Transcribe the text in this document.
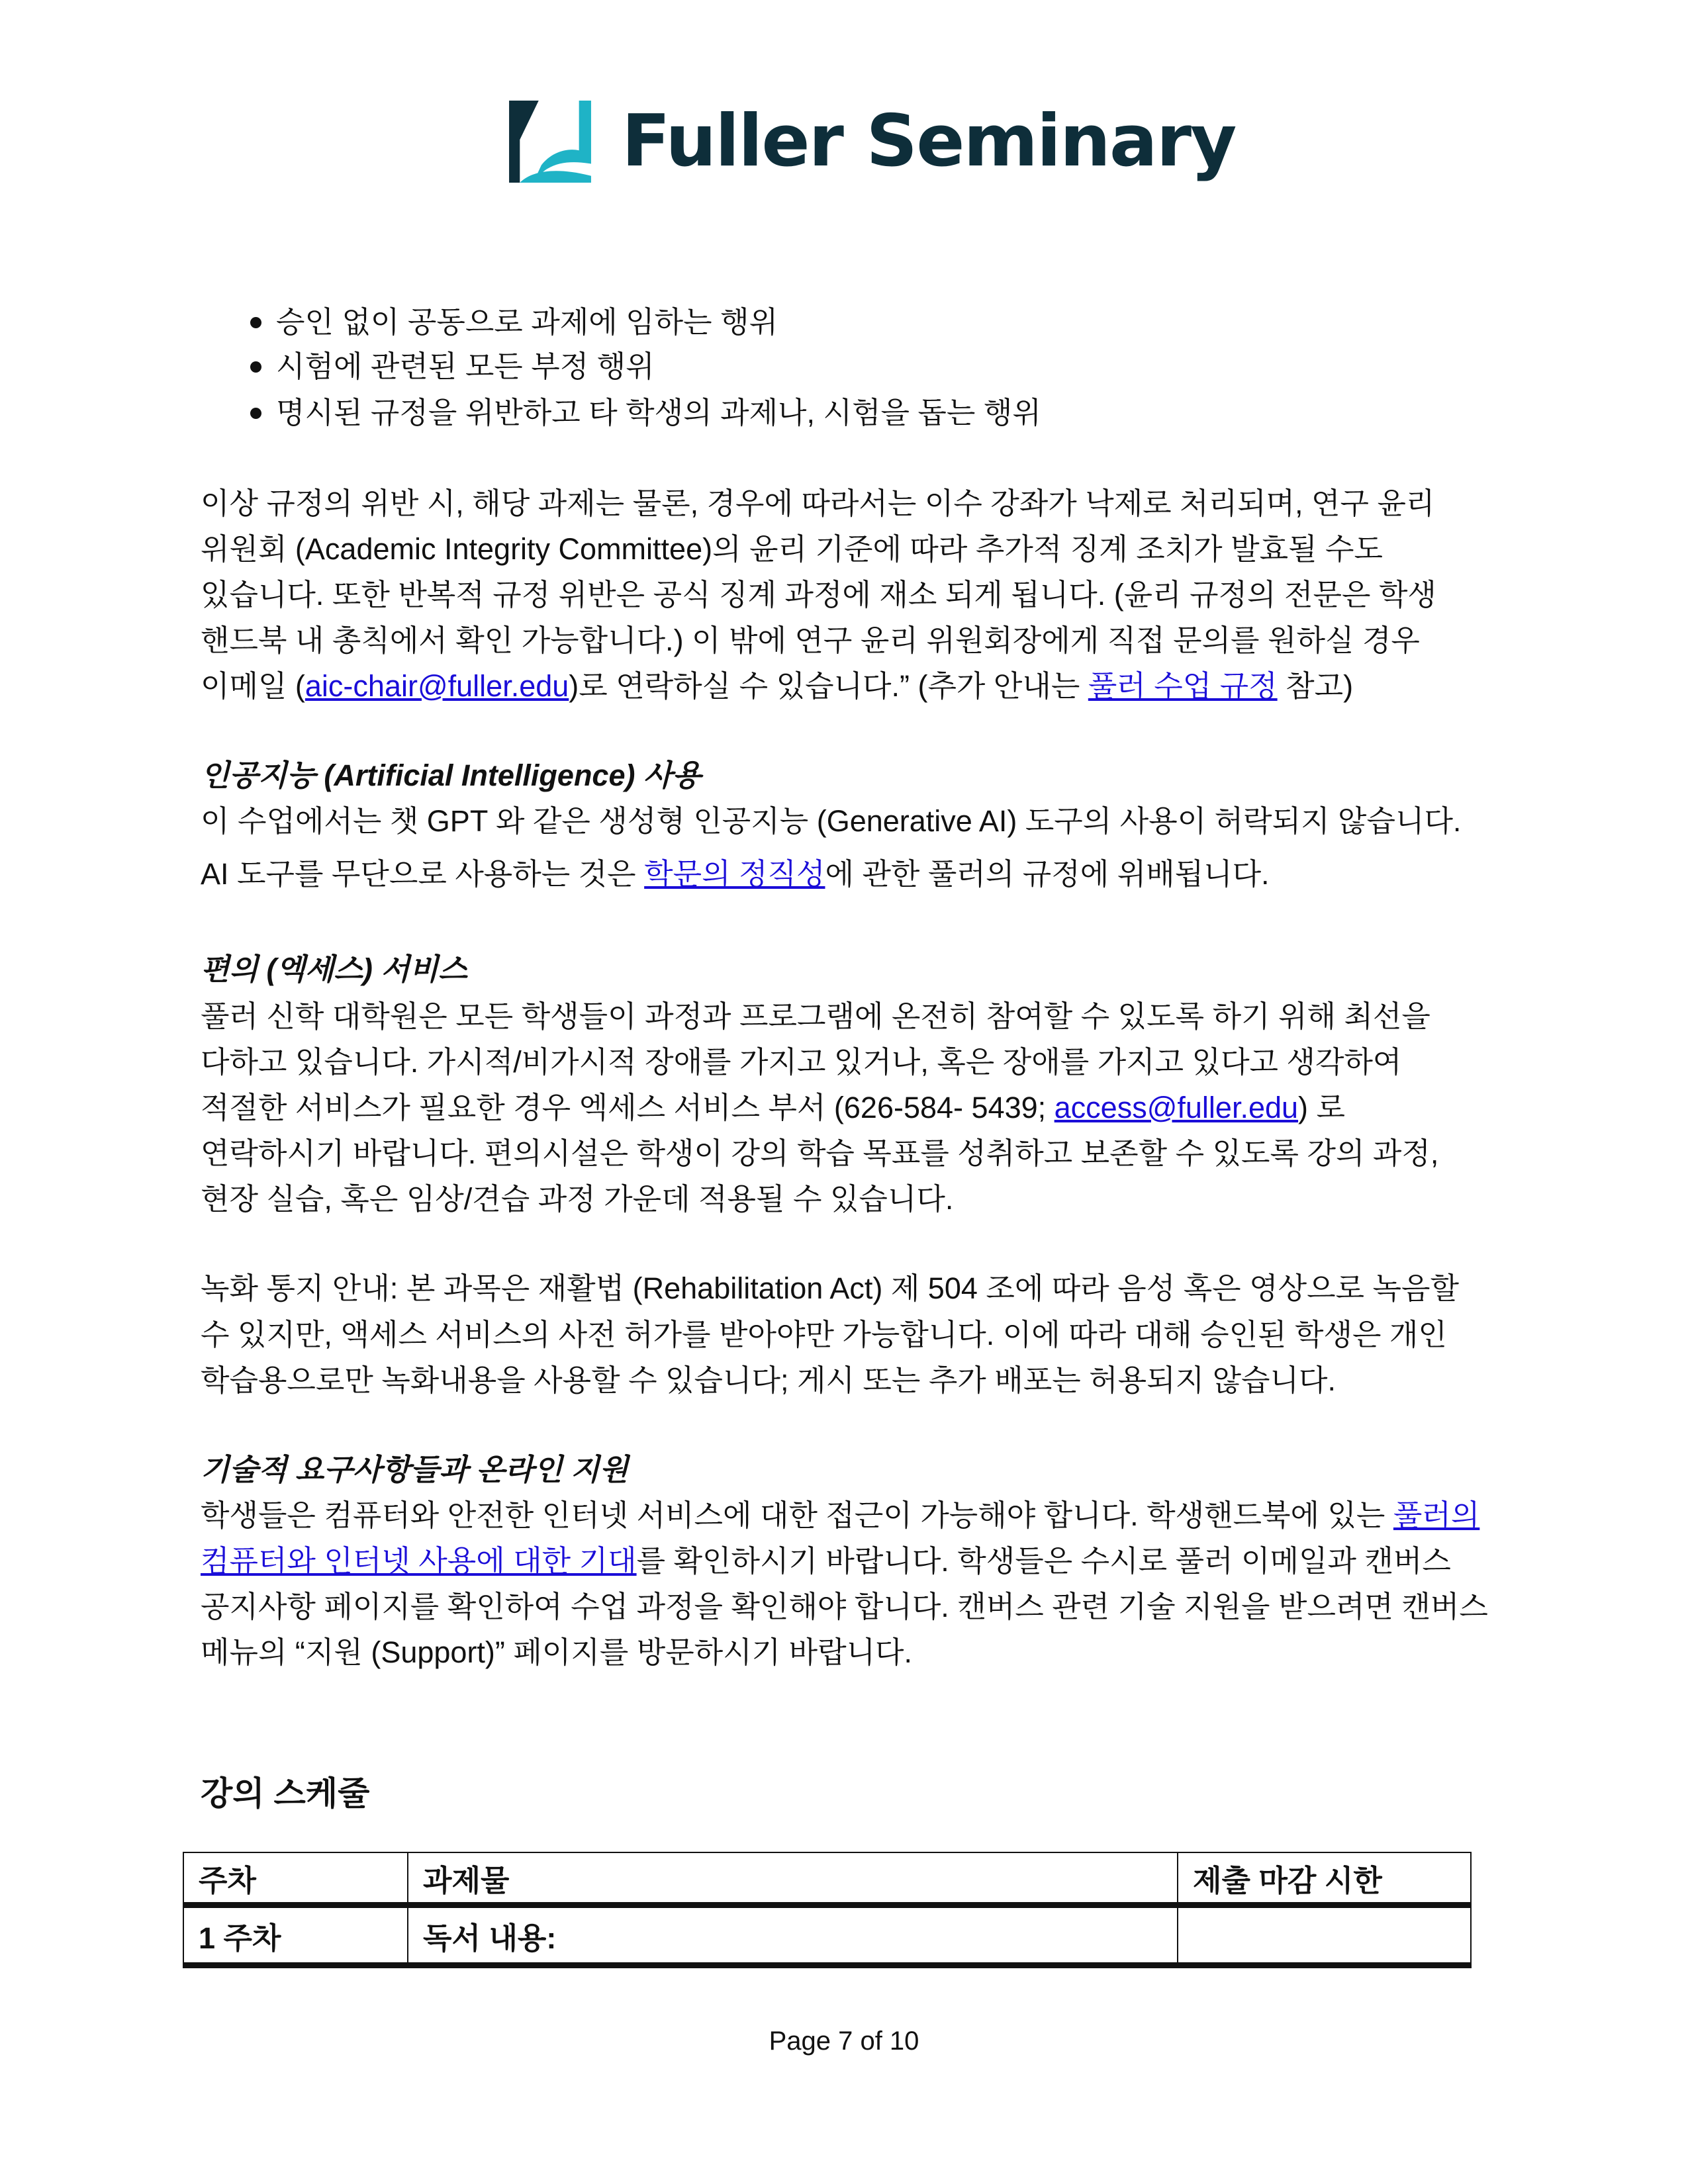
Fuller Seminary
승인 없이 공동으로 과제에 임하는 행위
시험에 관련된 모든 부정 행위
명시된 규정을 위반하고 타 학생의 과제나, 시험을 돕는 행위
이상 규정의 위반 시, 해당 과제는 물론, 경우에 따라서는 이수 강좌가 낙제로 처리되며, 연구 윤리
위원회 (Academic Integrity Committee)의 윤리 기준에 따라 추가적 징계 조치가 발효될 수도
있습니다. 또한 반복적 규정 위반은 공식 징계 과정에 재소 되게 됩니다. (윤리 규정의 전문은 학생
핸드북 내 총칙에서 확인 가능합니다.) 이 밖에 연구 윤리 위원회장에게 직접 문의를 원하실 경우
이메일 (aic-chair@fuller.edu)로 연락하실 수 있습니다.” (추가 안내는 풀러 수업 규정 참고)
인공지능 (Artificial Intelligence) 사용
이 수업에서는 챗 GPT 와 같은 생성형 인공지능 (Generative AI) 도구의 사용이 허락되지 않습니다.
AI 도구를 무단으로 사용하는 것은 학문의 정직성에 관한 풀러의 규정에 위배됩니다.
편의 (엑세스) 서비스
풀러 신학 대학원은 모든 학생들이 과정과 프로그램에 온전히 참여할 수 있도록 하기 위해 최선을
다하고 있습니다. 가시적/비가시적 장애를 가지고 있거나, 혹은 장애를 가지고 있다고 생각하여
적절한 서비스가 필요한 경우 엑세스 서비스 부서 (626-584- 5439; access@fuller.edu) 로
연락하시기 바랍니다. 편의시설은 학생이 강의 학습 목표를 성취하고 보존할 수 있도록 강의 과정,
현장 실습, 혹은 임상/견습 과정 가운데 적용될 수 있습니다.
녹화 통지 안내: 본 과목은 재활법 (Rehabilitation Act) 제 504 조에 따라 음성 혹은 영상으로 녹음할
수 있지만, 액세스 서비스의 사전 허가를 받아야만 가능합니다. 이에 따라 대해 승인된 학생은 개인
학습용으로만 녹화내용을 사용할 수 있습니다; 게시 또는 추가 배포는 허용되지 않습니다.
기술적 요구사항들과 온라인 지원
학생들은 컴퓨터와 안전한 인터넷 서비스에 대한 접근이 가능해야 합니다. 학생핸드북에 있는 풀러의
컴퓨터와 인터넷 사용에 대한 기대를 확인하시기 바랍니다. 학생들은 수시로 풀러 이메일과 캔버스
공지사항 페이지를 확인하여 수업 과정을 확인해야 합니다. 캔버스 관련 기술 지원을 받으려면 캔버스
메뉴의 “지원 (Support)” 페이지를 방문하시기 바랍니다.
강의 스케줄
주차	과제물	제출 마감 시한
1 주차	독서 내용:	
Page 7 of 10
